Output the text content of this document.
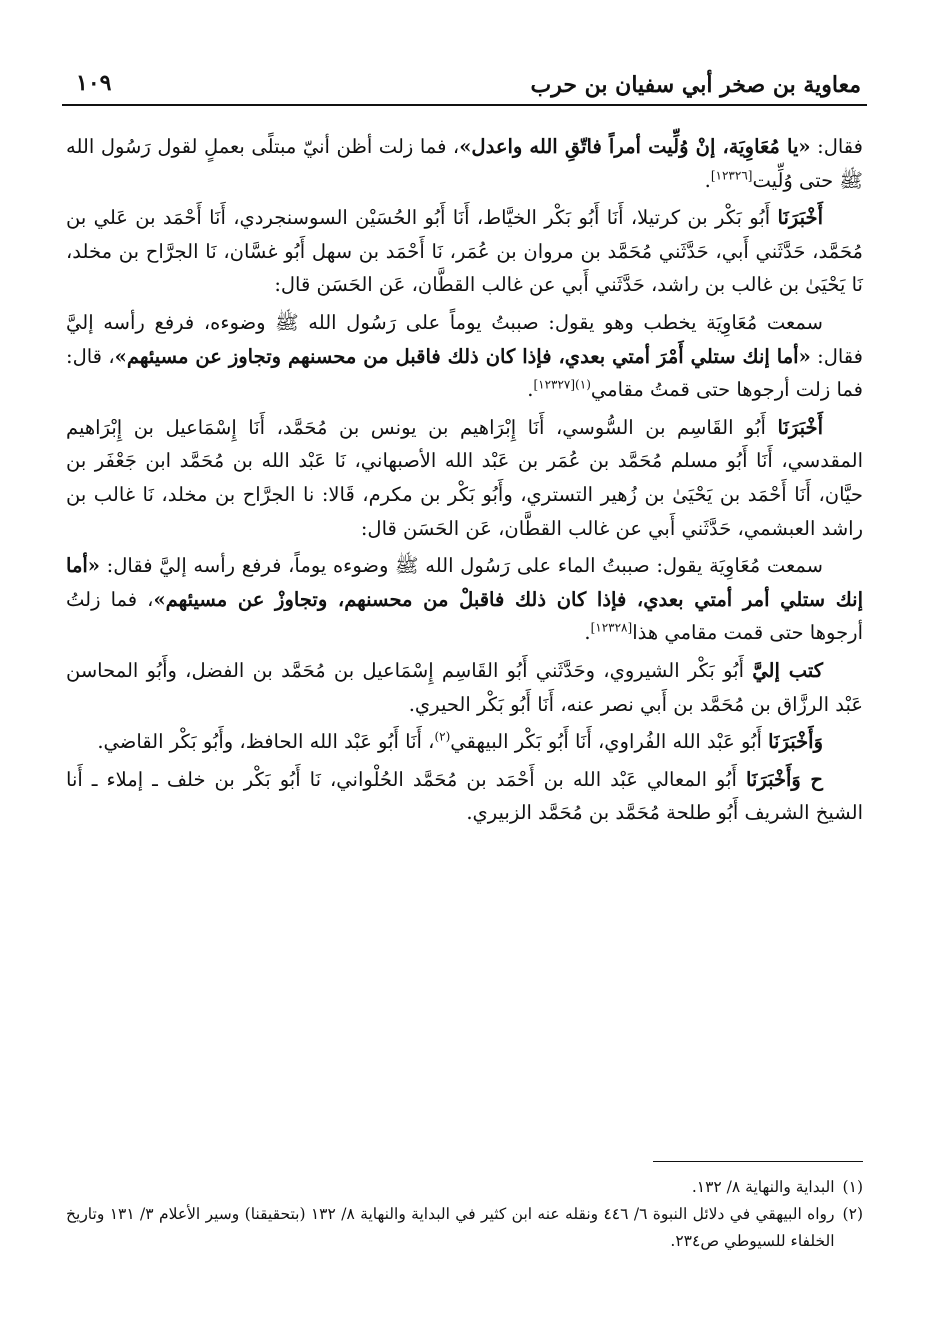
معاوية بن صخر أبي سفيان بن حرب
١٠٩

فقال: «يا مُعَاوِيَة، إنْ وُلِّيت أمراً فاتّقِ الله واعدل»، فما زلت أظن أنيّ مبتلًى بعملٍ لقول رَسُول الله ﷺ حتى وُلِّيت[١٢٣٢٦].

أَخْبَرَنَا أَبُو بَكْر بن كرتيلا، أَنَا أَبُو بَكْر الخيَّاط، أَنَا أَبُو الحُسَيْن السوسنجردي، أَنَا أَحْمَد بن عَلي بن مُحَمَّد، حَدَّثَني أَبي، حَدَّثَني مُحَمَّد بن مروان بن عُمَر، نَا أَحْمَد بن سهل أَبُو غسَّان، نَا الجرَّاح بن مخلد، نَا يَحْيَىٰ بن غالب بن راشد، حَدَّثَني أَبي عن غالب القطَّان، عَن الحَسَن قال:

سمعت مُعَاوِيَة يخطب وهو يقول: صببتُ يوماً على رَسُول الله ﷺ وضوءه، فرفع رأسه إليَّ فقال: «أما إنك ستلي أَمْرَ أمتي بعدي، فإذا كان ذلك فاقبل من محسنهم وتجاوز عن مسيئهم»، قال: فما زلت أرجوها حتى قمتُ مقامي$^{(١)[١٢٣٢٧]}$.

أَخْبَرَنَا أَبُو القَاسِم بن السُّوسي، أَنَا إِبْرَاهيم بن يونس بن مُحَمَّد، أَنَا إِسْمَاعيل بن إِبْرَاهيم المقدسي، أَنَا أَبُو مسلم مُحَمَّد بن عُمَر بن عَبْد الله الأصبهاني، نَا عَبْد الله بن مُحَمَّد ابن جَعْفَر بن حيَّان، أَنَا أَحْمَد بن يَحْيَىٰ بن زُهير التستري، وأَبُو بَكْر بن مكرم، قَالا: نا الجرَّاح بن مخلد، نَا غالب بن راشد العبشمي، حَدَّثَني أَبي عن غالب القطَّان، عَن الحَسَن قال:

سمعت مُعَاوِيَة يقول: صببتُ الماء على رَسُول الله ﷺ وضوءه يوماً، فرفع رأسه إليَّ فقال: «أما إنك ستلي أمر أمتي بعدي، فإذا كان ذلك فاقبلْ من محسنهم، وتجاوزْ عن مسيئهم»، فما زلتُ أرجوها حتى قمت مقامي هذا[١٢٣٢٨].

كتب إليَّ أَبُو بَكْر الشيروي، وحَدَّثَني أَبُو القَاسِم إِسْمَاعيل بن مُحَمَّد بن الفضل، وأَبُو المحاسن عَبْد الرزَّاق بن مُحَمَّد بن أَبي نصر عنه، أَنَا أَبُو بَكْر الحيري.

وَأَخْبَرَنَا أَبُو عَبْد الله الفُراوي، أَنَا أَبُو بَكْر البيهقي$^{(٢)}$، أَنَا أَبُو عَبْد الله الحافظ، وأَبُو بَكْر القاضي.

ح وَأَخْبَرَنَا أَبُو المعالي عَبْد الله بن أَحْمَد بن مُحَمَّد الحُلْواني، نَا أَبُو بَكْر بن خلف ـ إملاء ـ أَنا الشيخ الشريف أَبُو طلحة مُحَمَّد بن مُحَمَّد الزبيري.

(١)
البداية والنهاية ٨/ ١٣٢.
(٢)
رواه البيهقي في دلائل النبوة ٦/ ٤٤٦ ونقله عنه ابن كثير في البداية والنهاية ٨/ ١٣٢ (بتحقيقنا) وسير الأعلام ٣/ ١٣١ وتاريخ الخلفاء للسيوطي ص٢٣٤.
